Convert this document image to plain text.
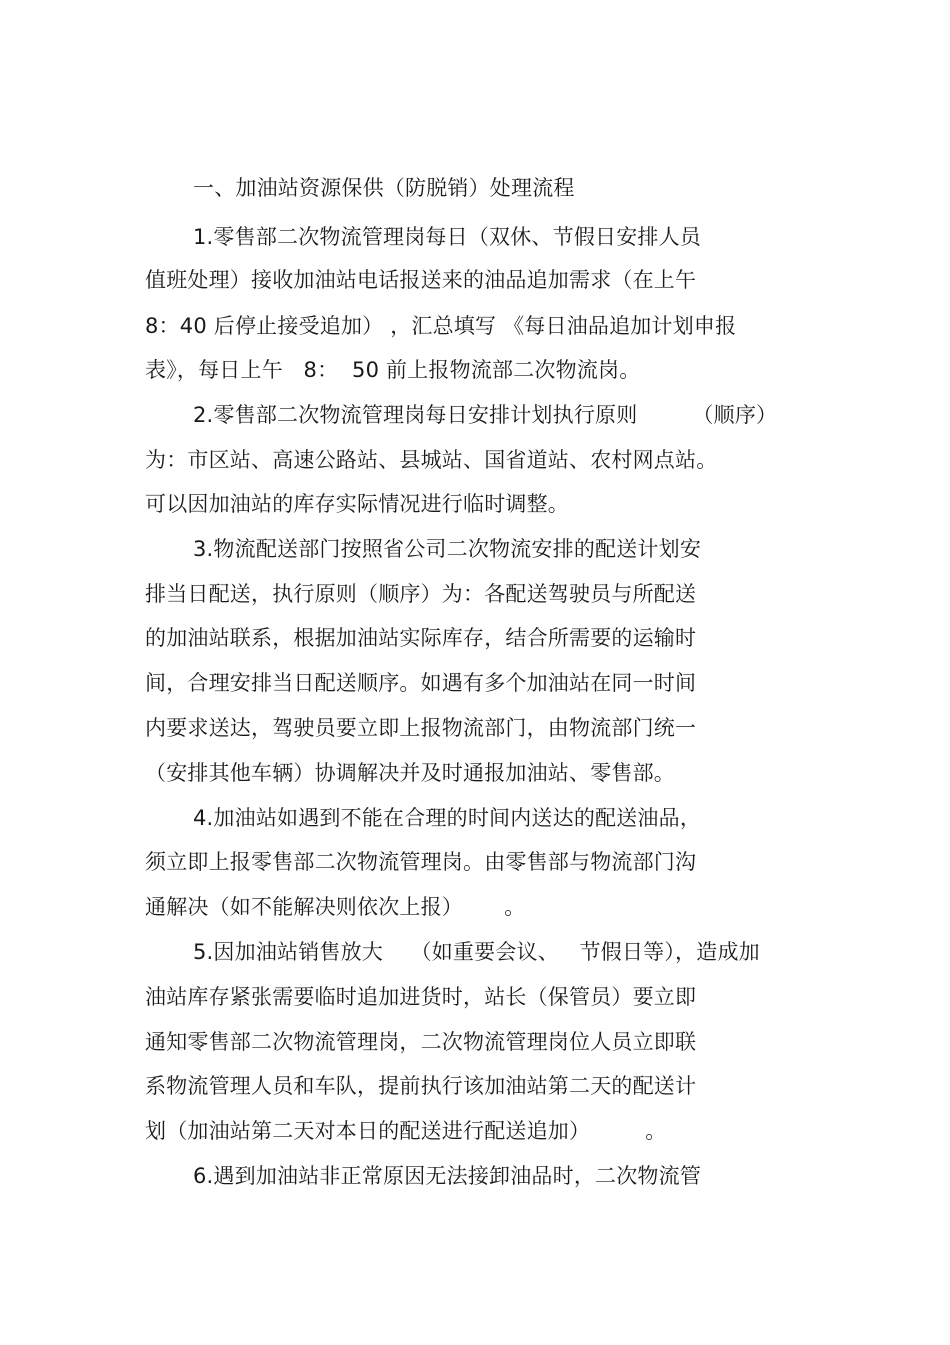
一、加油站资源保供（防脱销）处理流程
1.零售部二次物流管理岗每日（双休、节假日安排人员
值班处理）接收加油站电话报送来的油品追加需求（在上午
8：40 后停止接受追加） ，汇总填写 《每日油品追加计划申报
表》，每日上午   8：  50 前上报物流部二次物流岗。
2.零售部二次物流管理岗每日安排计划执行原则        （顺序）
为：市区站、高速公路站、县城站、国省道站、农村网点站。
可以因加油站的库存实际情况进行临时调整。
3.物流配送部门按照省公司二次物流安排的配送计划安
排当日配送，执行原则（顺序）为：各配送驾驶员与所配送
的加油站联系，根据加油站实际库存，结合所需要的运输时
间，合理安排当日配送顺序。如遇有多个加油站在同一时间
内要求送达，驾驶员要立即上报物流部门，由物流部门统一
（安排其他车辆）协调解决并及时通报加油站、零售部。
4.加油站如遇到不能在合理的时间内送达的配送油品，
须立即上报零售部二次物流管理岗。由零售部与物流部门沟
通解决（如不能解决则依次上报）      。
5.因加油站销售放大    （如重要会议、   节假日等），造成加
油站库存紧张需要临时追加进货时，站长（保管员）要立即
通知零售部二次物流管理岗，二次物流管理岗位人员立即联
系物流管理人员和车队，提前执行该加油站第二天的配送计
划（加油站第二天对本日的配送进行配送追加）        。
6.遇到加油站非正常原因无法接卸油品时，二次物流管
